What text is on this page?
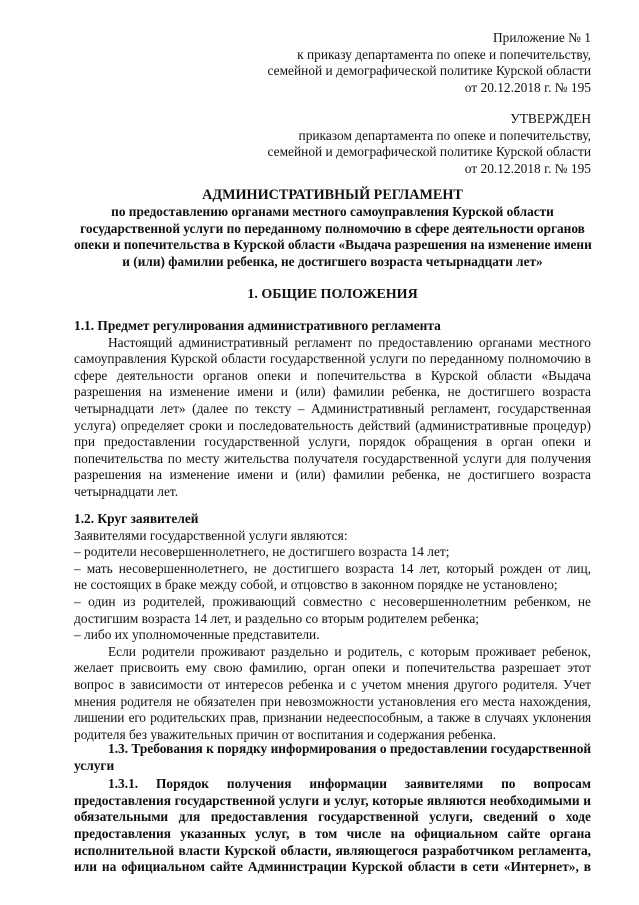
Приложение № 1
к приказу департамента по опеке и попечительству,
семейной и демографической политике Курской области
от 20.12.2018 г. № 195
УТВЕРЖДЕН
приказом департамента по опеке и попечительству,
семейной и демографической политике Курской области
от 20.12.2018 г. № 195
АДМИНИСТРАТИВНЫЙ РЕГЛАМЕНТ
по предоставлению органами местного самоуправления Курской области
государственной услуги по переданному полномочию в сфере деятельности органов
опеки и попечительства в Курской области «Выдача разрешения на изменение имени
и (или) фамилии ребенка, не достигшего возраста четырнадцати лет»
1. ОБЩИЕ ПОЛОЖЕНИЯ
1.1. Предмет регулирования административного регламента
Настоящий административный регламент по предоставлению органами местного
самоуправления Курской области государственной услуги по переданному полномочию в
сфере деятельности органов опеки и попечительства в Курской области «Выдача
разрешения на изменение имени и (или) фамилии ребенка, не достигшего возраста
четырнадцати лет» (далее по тексту – Административный регламент, государственная
услуга) определяет сроки и последовательность действий (административные процедур)
при предоставлении государственной услуги, порядок обращения в орган опеки и
попечительства по месту жительства получателя государственной услуги для получения
разрешения на изменение имени и (или) фамилии ребенка, не достигшего возраста
четырнадцати лет.
1.2. Круг заявителей
Заявителями государственной услуги являются:
– родители несовершеннолетнего, не достигшего возраста 14 лет;
– мать несовершеннолетнего, не достигшего возраста 14 лет, который рожден от лиц,
не состоящих в браке между собой, и отцовство в законном порядке не установлено;
– один из родителей, проживающий совместно с несовершеннолетним ребенком, не
достигшим возраста 14 лет, и раздельно со вторым родителем ребенка;
– либо их уполномоченные представители.
Если родители проживают раздельно и родитель, с которым проживает ребенок,
желает присвоить ему свою фамилию, орган опеки и попечительства разрешает этот
вопрос в зависимости от интересов ребенка и с учетом мнения другого родителя. Учет
мнения родителя не обязателен при невозможности установления его места нахождения,
лишении его родительских прав, признании недееспособным, а также в случаях уклонения
родителя без уважительных причин от воспитания и содержания ребенка.
1.3. Требования к порядку информирования о предоставлении государственной
услуги
1.3.1. Порядок получения информации заявителями по вопросам
предоставления государственной услуги и услуг, которые являются необходимыми и
обязательными для предоставления государственной услуги, сведений о ходе
предоставления указанных услуг, в том числе на официальном сайте органа
исполнительной власти Курской области, являющегося разработчиком регламента,
или на официальном сайте Администрации Курской области в сети «Интернет», в
